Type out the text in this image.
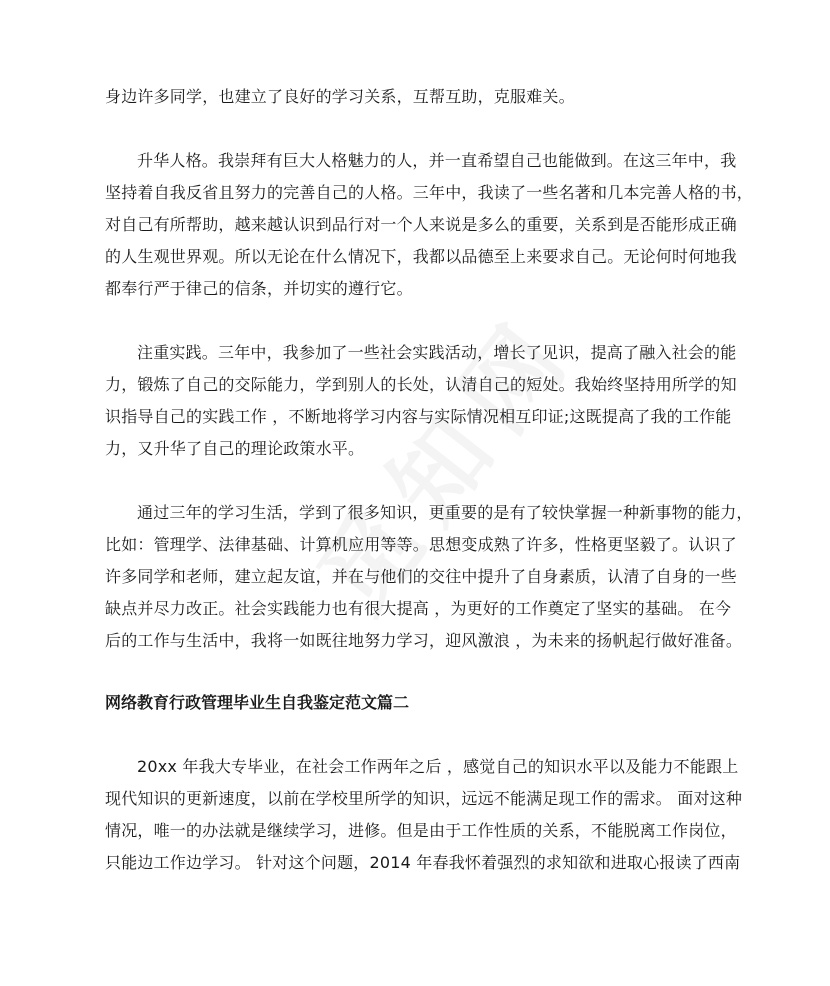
身边许多同学，也建立了良好的学习关系，互帮互助，克服难关。
升华人格。我崇拜有巨大人格魅力的人，并一直希望自己也能做到。在这三年中，我
坚持着自我反省且努力的完善自己的人格。三年中，我读了一些名著和几本完善人格的书，
对自己有所帮助，越来越认识到品行对一个人来说是多么的重要，关系到是否能形成正确
的人生观世界观。所以无论在什么情况下，我都以品德至上来要求自己。无论何时何地我
都奉行严于律己的信条，并切实的遵行它。
注重实践。三年中，我参加了一些社会实践活动，增长了见识，提高了融入社会的能
力，锻炼了自己的交际能力，学到别人的长处，认清自己的短处。我始终坚持用所学的知
识指导自己的实践工作 ，不断地将学习内容与实际情况相互印证;这既提高了我的工作能
力，又升华了自己的理论政策水平。
通过三年的学习生活，学到了很多知识，更重要的是有了较快掌握一种新事物的能力，
比如：管理学、法律基础、计算机应用等等。思想变成熟了许多，性格更坚毅了。认识了
许多同学和老师，建立起友谊，并在与他们的交往中提升了自身素质，认清了自身的一些
缺点并尽力改正。社会实践能力也有很大提高 ，为更好的工作奠定了坚实的基础。 在今
后的工作与生活中，我将一如既往地努力学习，迎风激浪 ，为未来的扬帆起行做好准备。
网络教育行政管理毕业生自我鉴定范文篇二
20xx 年我大专毕业，在社会工作两年之后 ，感觉自己的知识水平以及能力不能跟上
现代知识的更新速度，以前在学校里所学的知识，远远不能满足现工作的需求。 面对这种
情况，唯一的办法就是继续学习，进修。但是由于工作性质的关系，不能脱离工作岗位，
只能边工作边学习。 针对这个问题，2014 年春我怀着强烈的求知欲和进取心报读了西南
